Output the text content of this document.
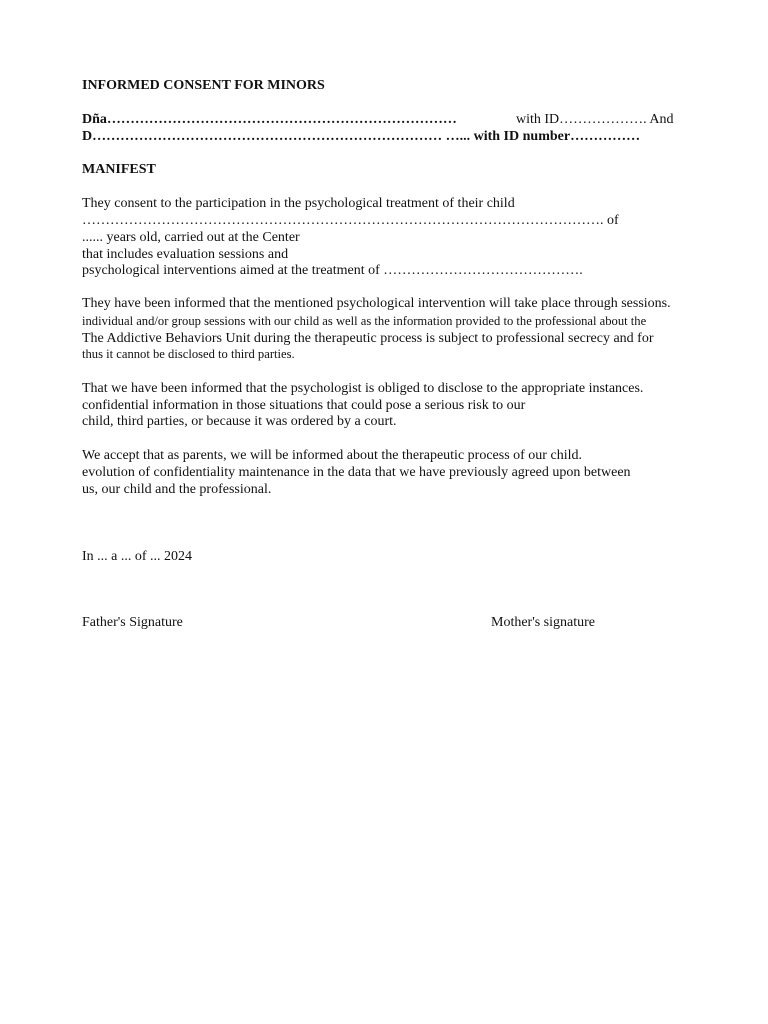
INFORMED CONSENT FOR MINORS
Dña…………………………………………………………………	with ID………………. And
D………………………………………………………………… …... with ID number……………
MANIFEST
They consent to the participation in the psychological treatment of their child
…………………………………………………………………………………………………. of
...... years old, carried out at the Center
that includes evaluation sessions and
psychological interventions aimed at the treatment of …………………………………….
They have been informed that the mentioned psychological intervention will take place through sessions.
individual and/or group sessions with our child as well as the information provided to the professional about the
The Addictive Behaviors Unit during the therapeutic process is subject to professional secrecy and for
thus it cannot be disclosed to third parties.
That we have been informed that the psychologist is obliged to disclose to the appropriate instances.
confidential information in those situations that could pose a serious risk to our
child, third parties, or because it was ordered by a court.
We accept that as parents, we will be informed about the therapeutic process of our child.
evolution of confidentiality maintenance in the data that we have previously agreed upon between
us, our child and the professional.
In ... a ... of ... 2024
Father's Signature	Mother's signature
